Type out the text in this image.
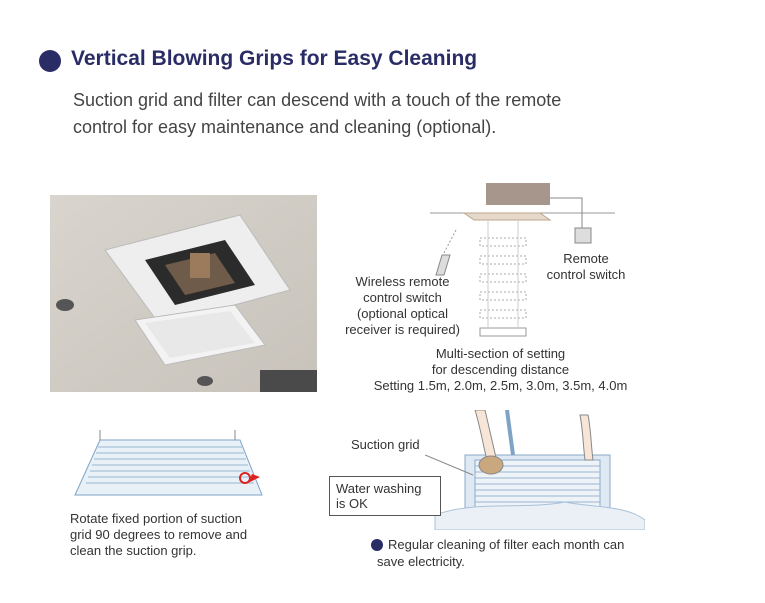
Vertical Blowing Grips for Easy Cleaning
Suction grid and filter can descend with a touch of the remote
control for easy maintenance and cleaning (optional).
Wireless remote
control switch
(optional optical
receiver is required)
Remote
control switch
Multi-section of setting
for descending distance
Setting 1.5m, 2.0m, 2.5m, 3.0m, 3.5m, 4.0m
Rotate fixed portion of suction
grid 90 degrees to remove and
clean the suction grip.
Suction grid
Water washing
is OK
Regular cleaning of filter each month can
save electricity.
